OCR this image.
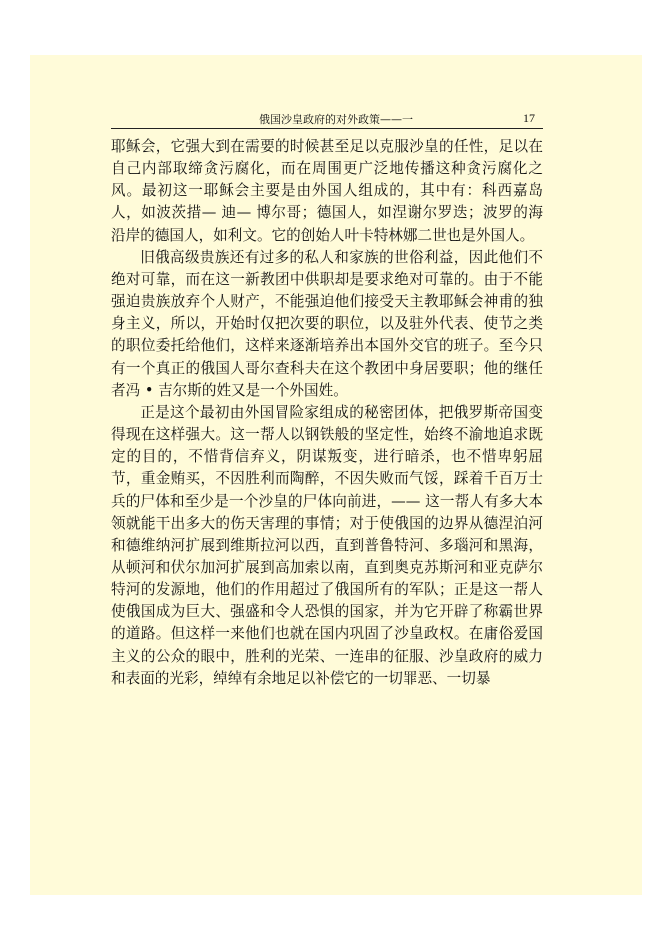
俄国沙皇政府的对外政策——一	17

耶稣会，它强大到在需要的时候甚至足以克服沙皇的任性，足以在自己内部取缔贪污腐化，而在周围更广泛地传播这种贪污腐化之风。最初这一耶稣会主要是由外国人组成的，其中有：科西嘉岛人，如波茨措— 迪— 博尔哥；德国人，如涅谢尔罗迭；波罗的海沿岸的德国人，如利文。它的创始人叶卡特林娜二世也是外国人。

旧俄高级贵族还有过多的私人和家族的世俗利益，因此他们不绝对可靠，而在这一新教团中供职却是要求绝对可靠的。由于不能强迫贵族放弃个人财产，不能强迫他们接受天主教耶稣会神甫的独身主义，所以，开始时仅把次要的职位，以及驻外代表、使节之类的职位委托给他们，这样来逐渐培养出本国外交官的班子。至今只有一个真正的俄国人哥尔查科夫在这个教团中身居要职；他的继任者冯 • 吉尔斯的姓又是一个外国姓。

正是这个最初由外国冒险家组成的秘密团体，把俄罗斯帝国变得现在这样强大。这一帮人以钢铁般的坚定性，始终不渝地追求既定的目的，不惜背信弃义，阴谋叛变，进行暗杀，也不惜卑躬屈节，重金贿买，不因胜利而陶醉，不因失败而气馁，踩着千百万士兵的尸体和至少是一个沙皇的尸体向前进，—— 这一帮人有多大本领就能干出多大的伤天害理的事情；对于使俄国的边界从德涅泊河和德维纳河扩展到维斯拉河以西，直到普鲁特河、多瑙河和黑海，从顿河和伏尔加河扩展到高加索以南，直到奥克苏斯河和亚克萨尔特河的发源地，他们的作用超过了俄国所有的军队；正是这一帮人使俄国成为巨大、强盛和令人恐惧的国家，并为它开辟了称霸世界的道路。但这样一来他们也就在国内巩固了沙皇政权。在庸俗爱国主义的公众的眼中，胜利的光荣、一连串的征服、沙皇政府的威力和表面的光彩，绰绰有余地足以补偿它的一切罪恶、一切暴
